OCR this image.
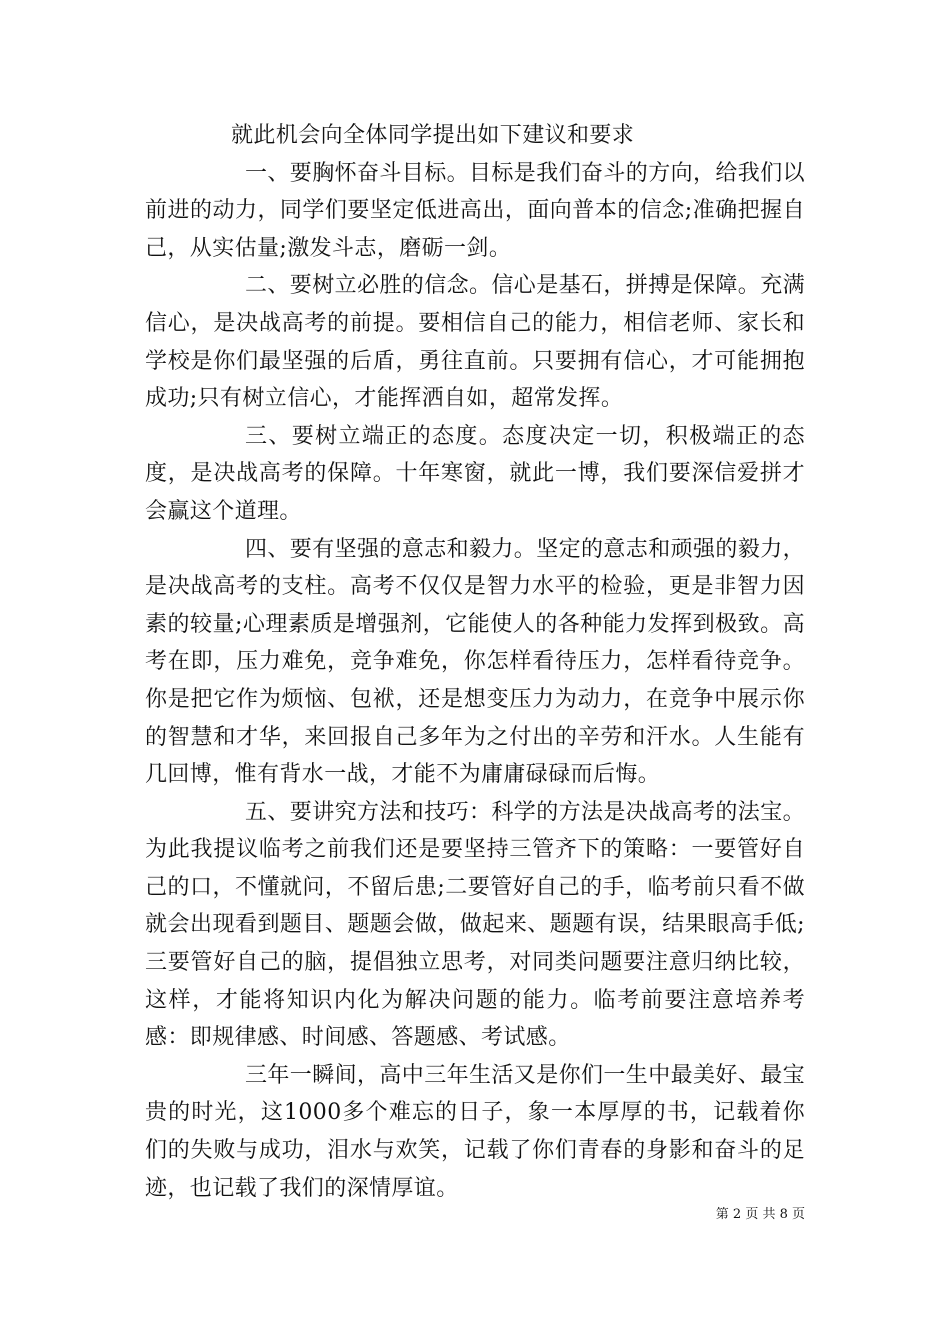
就此机会向全体同学提出如下建议和要求

一、要胸怀奋斗目标。目标是我们奋斗的方向，给我们以前进的动力，同学们要坚定低进高出，面向普本的信念;准确把握自己，从实估量;激发斗志，磨砺一剑。

二、要树立必胜的信念。信心是基石，拼搏是保障。充满信心，是决战高考的前提。要相信自己的能力，相信老师、家长和学校是你们最坚强的后盾，勇往直前。只要拥有信心，才可能拥抱成功;只有树立信心，才能挥洒自如，超常发挥。

三、要树立端正的态度。态度决定一切，积极端正的态度，是决战高考的保障。十年寒窗，就此一博，我们要深信爱拼才会赢这个道理。

四、要有坚强的意志和毅力。坚定的意志和顽强的毅力，是决战高考的支柱。高考不仅仅是智力水平的检验，更是非智力因素的较量;心理素质是增强剂，它能使人的各种能力发挥到极致。高考在即，压力难免，竞争难免，你怎样看待压力，怎样看待竞争。你是把它作为烦恼、包袱，还是想变压力为动力，在竞争中展示你的智慧和才华，来回报自己多年为之付出的辛劳和汗水。人生能有几回博，惟有背水一战，才能不为庸庸碌碌而后悔。

五、要讲究方法和技巧：科学的方法是决战高考的法宝。为此我提议临考之前我们还是要坚持三管齐下的策略：一要管好自己的口，不懂就问，不留后患;二要管好自己的手，临考前只看不做就会出现看到题目、题题会做，做起来、题题有误，结果眼高手低;三要管好自己的脑，提倡独立思考，对同类问题要注意归纳比较，这样，才能将知识内化为解决问题的能力。临考前要注意培养考感：即规律感、时间感、答题感、考试感。

三年一瞬间，高中三年生活又是你们一生中最美好、最宝贵的时光，这1000多个难忘的日子，象一本厚厚的书，记载着你们的失败与成功，泪水与欢笑，记载了你们青春的身影和奋斗的足迹，也记载了我们的深情厚谊。

第 2 页 共 8 页
